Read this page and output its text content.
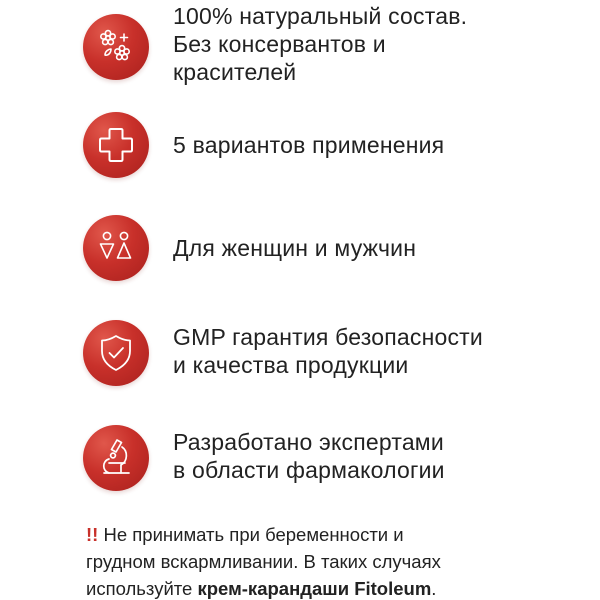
100% натуральный состав.
Без консервантов и
красителей
5 вариантов применения
Для женщин и мужчин
GMP гарантия безопасности
и качества продукции
Разработано экспертами
в области фармакологии
!! Не принимать при беременности и
грудном вскармливании. В таких случаях
используйте крем-карандаши Fitoleum.
